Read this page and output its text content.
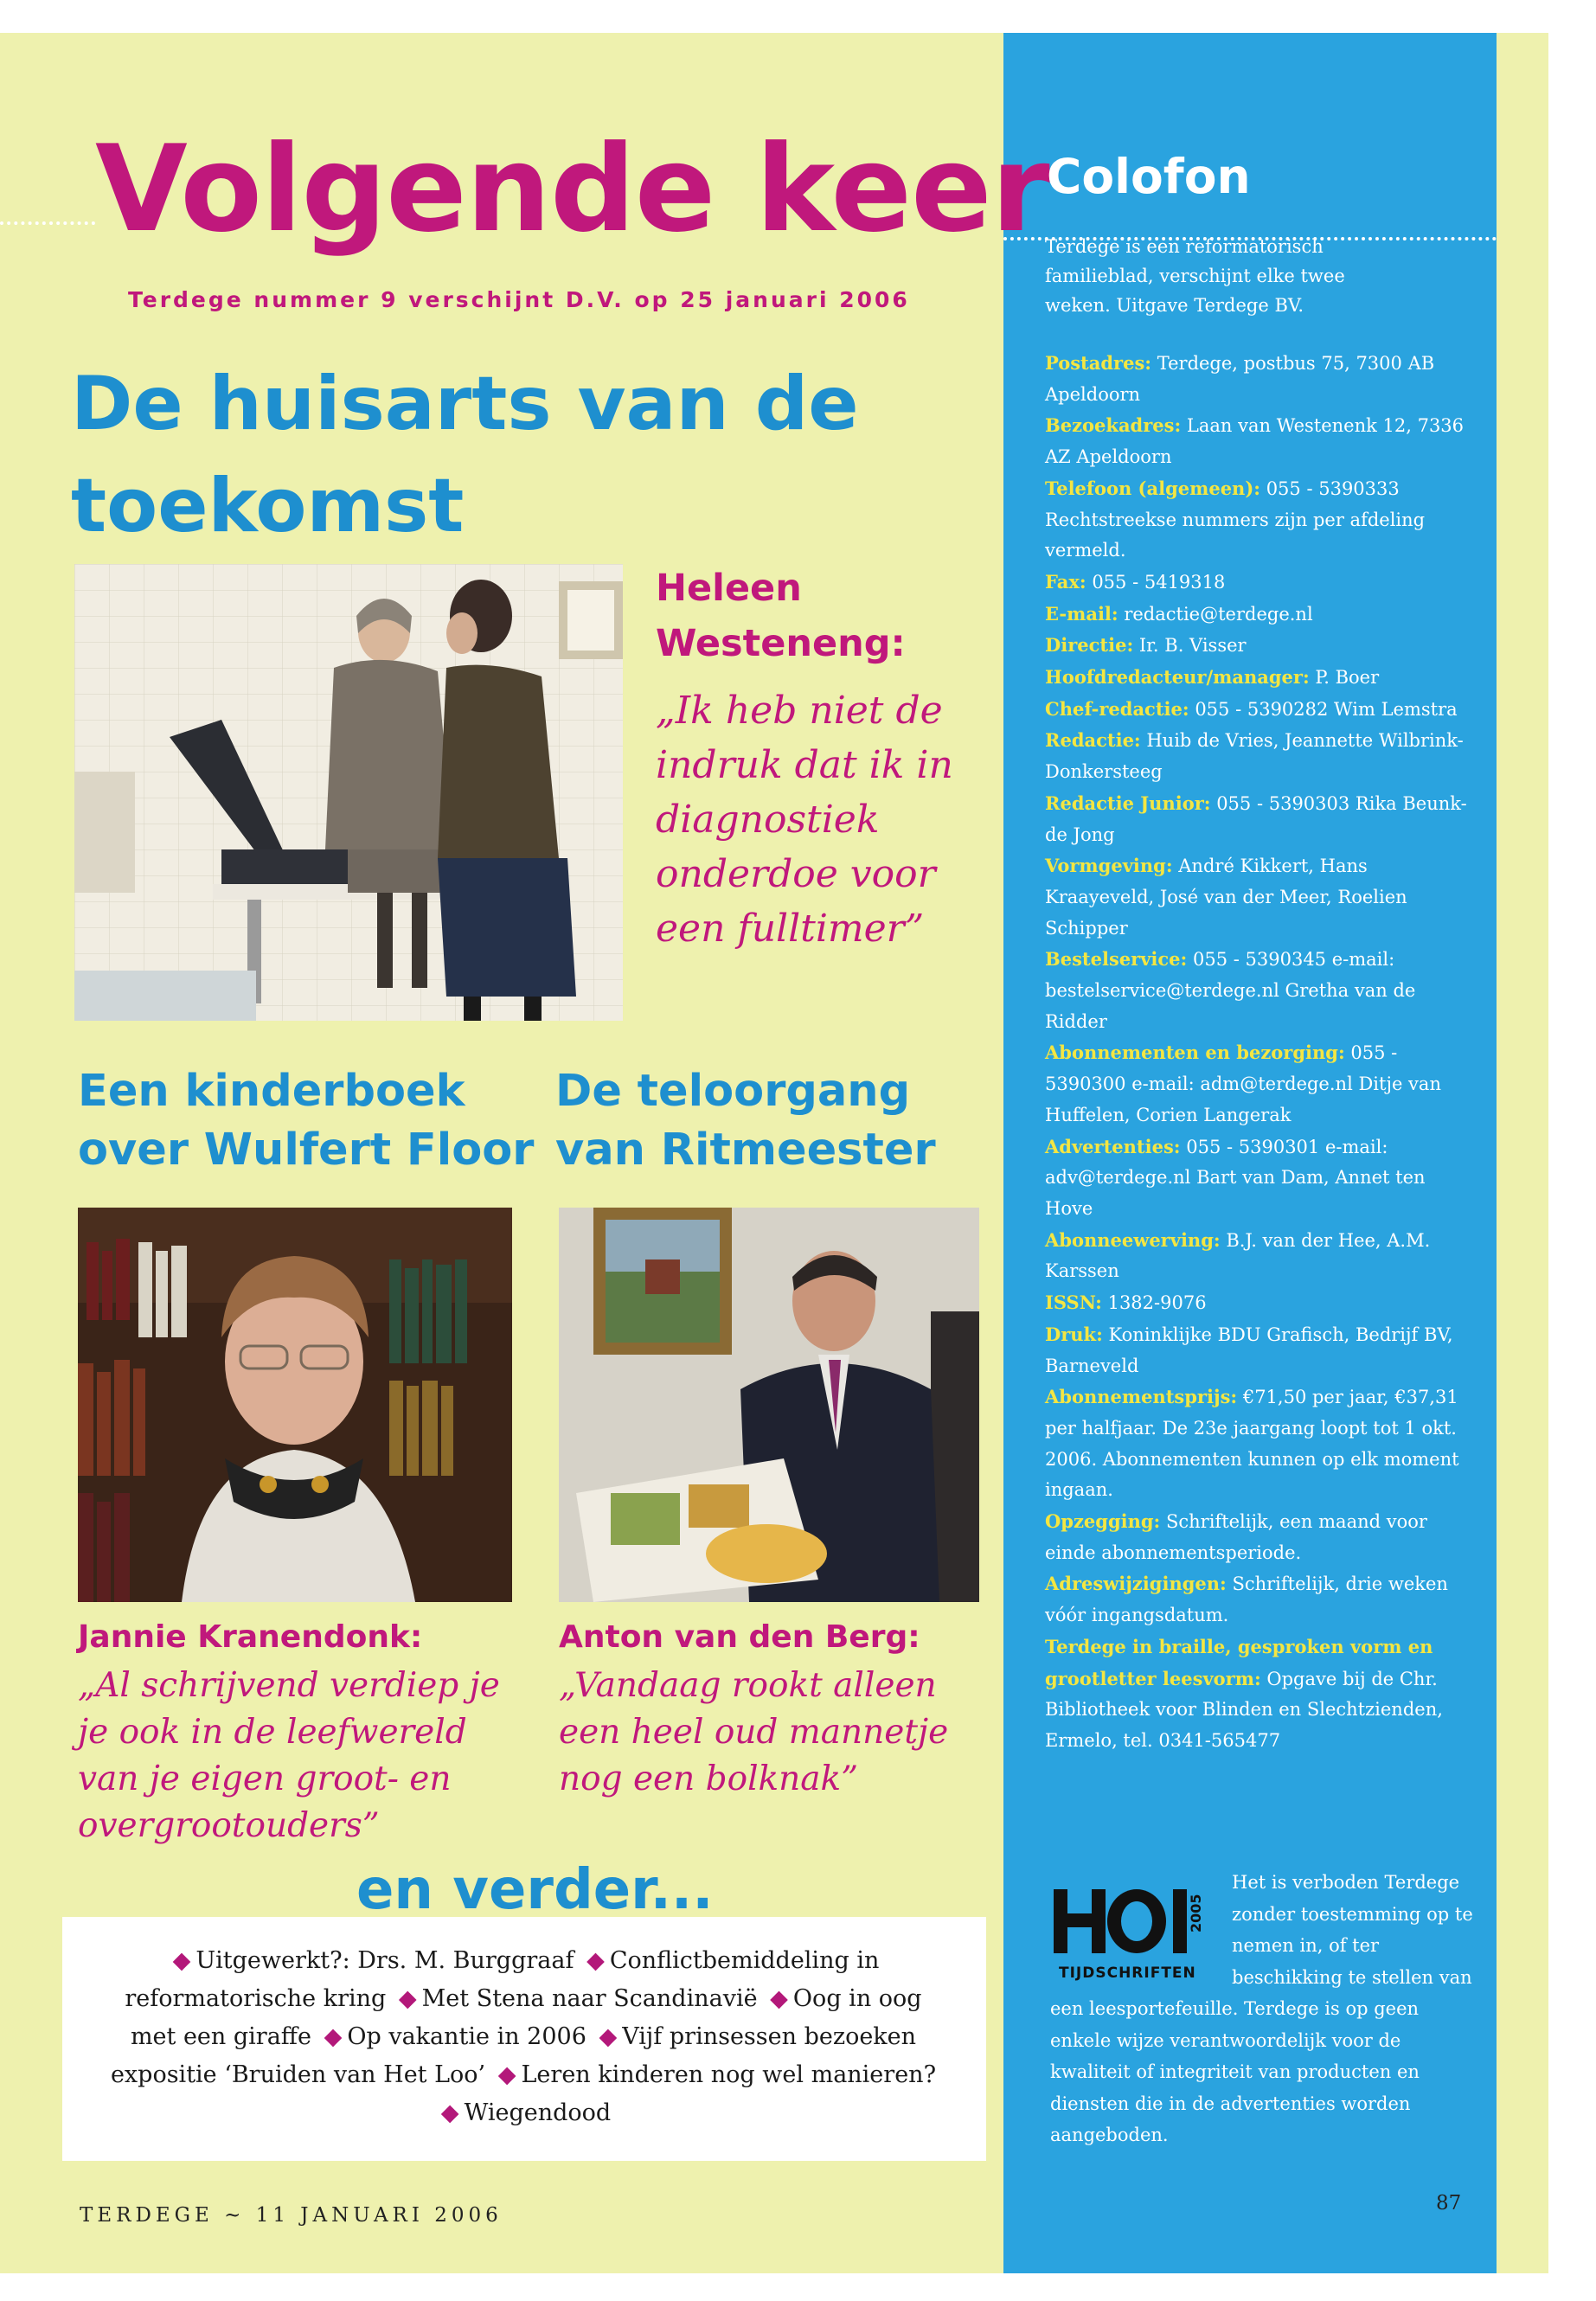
Volgende keer
Terdege nummer 9 verschijnt D.V. op 25 januari 2006
De huisarts van de toekomst
Heleen
Westeneng:

„Ik heb niet de indruk dat ik in diagnostiek onderdoe voor een fulltimer”

Een kinderboek over Wulfert Floor
De teloorgang van Ritmeester
Jannie Kranendonk:

„Al schrijvend verdiep je je ook in de leefwereld van je eigen groot- en overgrootouders”

Anton van den Berg:

„Vandaag rookt alleen een heel oud mannetje nog een bolknak”

en verder...

◆ Uitgewerkt?: Drs. M. Burggraaf ◆ Conflictbemiddeling in reformatorische kring ◆ Met Stena naar Scandinavië ◆ Oog in oog met een giraffe ◆ Op vakantie in 2006 ◆ Vijf prinsessen bezoeken expositie ‘Bruiden van Het Loo’ ◆ Leren kinderen nog wel manieren? ◆ Wiegendood

TERDEGE ~ 11 JANUARI 2006
87
Colofon

Terdege is een reformatorisch familieblad, verschijnt elke twee weken. Uitgave Terdege BV.

Postadres: Terdege, postbus 75, 7300 AB Apeldoorn
Bezoekadres: Laan van Westenenk 12, 7336 AZ Apeldoorn
Telefoon (algemeen): 055 - 5390333 Rechtstreekse nummers zijn per afdeling vermeld.
Fax: 055 - 5419318
E-mail: redactie@terdege.nl
Directie: Ir. B. Visser
Hoofdredacteur/manager: P. Boer
Chef-redactie: 055 - 5390282 Wim Lemstra
Redactie: Huib de Vries, Jeannette Wilbrink-Donkersteeg
Redactie Junior: 055 - 5390303 Rika Beunk-de Jong
Vormgeving: André Kikkert, Hans Kraayeveld, José van der Meer, Roelien Schipper
Bestelservice: 055 - 5390345 e-mail: bestelservice@terdege.nl Gretha van de Ridder
Abonnementen en bezorging: 055 - 5390300 e-mail: adm@terdege.nl Ditje van Huffelen, Corien Langerak
Advertenties: 055 - 5390301 e-mail: adv@terdege.nl Bart van Dam, Annet ten Hove
Abonneewerving: B.J. van der Hee, A.M. Karssen
ISSN: 1382-9076
Druk: Koninklijke BDU Grafisch, Bedrijf BV, Barneveld
Abonnementsprijs: €71,50 per jaar, €37,31 per halfjaar. De 23e jaargang loopt tot 1 okt. 2006. Abonnementen kunnen op elk moment ingaan.
Opzegging: Schriftelijk, een maand voor einde abonnementsperiode.
Adreswijzigingen: Schriftelijk, drie weken vóór ingangsdatum.
Terdege in braille, gesproken vorm en grootletter leesvorm: Opgave bij de Chr. Bibliotheek voor Blinden en Slechtzienden, Ermelo, tel. 0341-565477

Het is verboden Terdege zonder toestemming op te nemen in, of ter beschikking te stellen van een leesportefeuille. Terdege is op geen enkele wijze verantwoordelijk voor de kwaliteit of integriteit van producten en diensten die in de advertenties worden aangeboden.

2005
TIJDSCHRIFTEN
